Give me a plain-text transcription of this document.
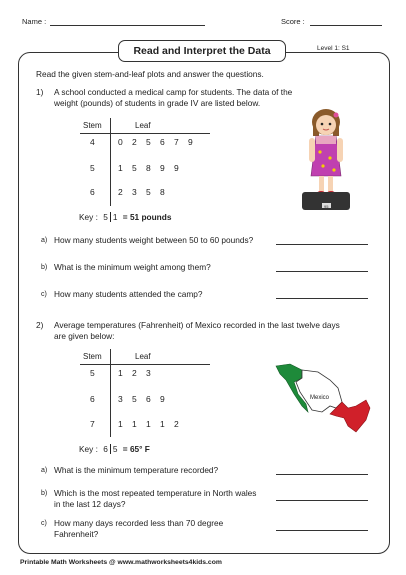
Name :	Score :
Read and Interpret the Data	Level 1: S1
Read the given stem-and-leaf plots and answer the questions.
1) A school conducted a medical camp for students. The data of the
weight (pounds) of students in grade IV are listed below.
Stem	Leaf
4	0 2 5 6 7 9
5	1 5 8 9 9
6	2 3 5 8
Key : 5 1 = 51 pounds
95
a) How many students weight between 50 to 60 pounds?
b) What is the minimum weight among them?
c) How many students attended the camp?
2) Average temperatures (Fahrenheit) of Mexico recorded in the last twelve days
are given below:
Stem	Leaf
5	1 2 3
6	3 5 6 9
7	1 1 1 1 2
Key : 6 5 = 65° F
Mexico
a) What is the minimum temperature recorded?
b) Which is the most repeated temperature in North wales
in the last 12 days?
c) How many days recorded less than 70 degree
Fahrenheit?
Printable Math Worksheets @ www.mathworksheets4kids.com
